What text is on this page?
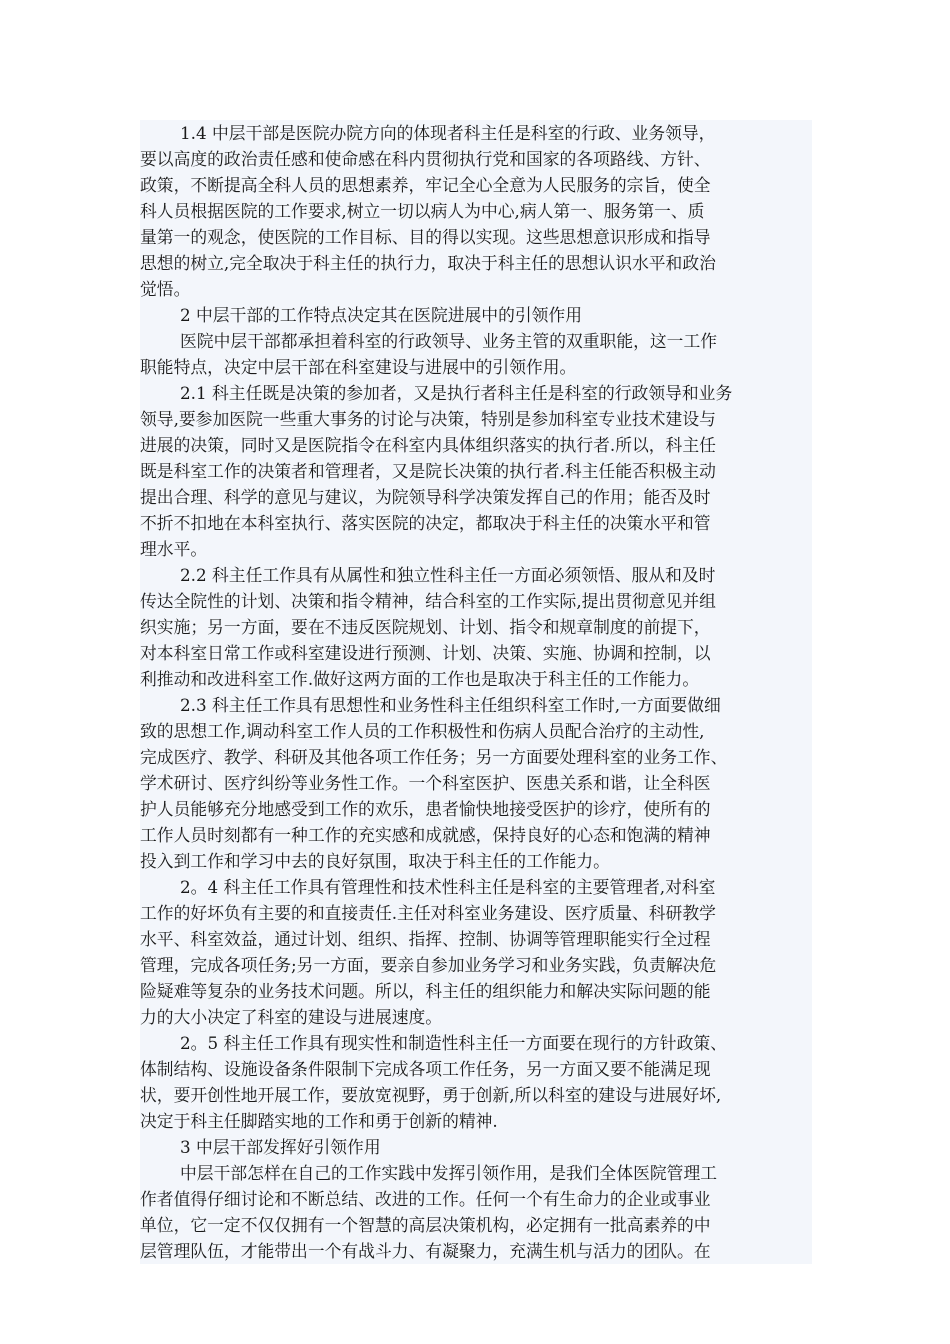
1.4 中层干部是医院办院方向的体现者科主任是科室的行政、业务领导，
要以高度的政治责任感和使命感在科内贯彻执行党和国家的各项路线、方针、
政策，不断提高全科人员的思想素养，牢记全心全意为人民服务的宗旨，使全
科人员根据医院的工作要求,树立一切以病人为中心,病人第一、服务第一、质
量第一的观念，使医院的工作目标、目的得以实现。这些思想意识形成和指导
思想的树立,完全取决于科主任的执行力，取决于科主任的思想认识水平和政治
觉悟。
2 中层干部的工作特点决定其在医院进展中的引领作用
医院中层干部都承担着科室的行政领导、业务主管的双重职能，这一工作
职能特点，决定中层干部在科室建设与进展中的引领作用。
2.1 科主任既是决策的参加者，又是执行者科主任是科室的行政领导和业务
领导,要参加医院一些重大事务的讨论与决策，特别是参加科室专业技术建设与
进展的决策，同时又是医院指令在科室内具体组织落实的执行者.所以，科主任
既是科室工作的决策者和管理者，又是院长决策的执行者.科主任能否积极主动
提出合理、科学的意见与建议，为院领导科学决策发挥自己的作用；能否及时
不折不扣地在本科室执行、落实医院的决定，都取决于科主任的决策水平和管
理水平。
2.2 科主任工作具有从属性和独立性科主任一方面必须领悟、服从和及时
传达全院性的计划、决策和指令精神，结合科室的工作实际,提出贯彻意见并组
织实施；另一方面，要在不违反医院规划、计划、指令和规章制度的前提下，
对本科室日常工作或科室建设进行预测、计划、决策、实施、协调和控制，以
利推动和改进科室工作.做好这两方面的工作也是取决于科主任的工作能力。
2.3 科主任工作具有思想性和业务性科主任组织科室工作时,一方面要做细
致的思想工作,调动科室工作人员的工作积极性和伤病人员配合治疗的主动性,
完成医疗、教学、科研及其他各项工作任务；另一方面要处理科室的业务工作、
学术研讨、医疗纠纷等业务性工作。一个科室医护、医患关系和谐，让全科医
护人员能够充分地感受到工作的欢乐，患者愉快地接受医护的诊疗，使所有的
工作人员时刻都有一种工作的充实感和成就感，保持良好的心态和饱满的精神
投入到工作和学习中去的良好氛围，取决于科主任的工作能力。
2。4 科主任工作具有管理性和技术性科主任是科室的主要管理者,对科室
工作的好坏负有主要的和直接责任.主任对科室业务建设、医疗质量、科研教学
水平、科室效益，通过计划、组织、指挥、控制、协调等管理职能实行全过程
管理，完成各项任务;另一方面，要亲自参加业务学习和业务实践，负责解决危
险疑难等复杂的业务技术问题。所以，科主任的组织能力和解决实际问题的能
力的大小决定了科室的建设与进展速度。
2。5 科主任工作具有现实性和制造性科主任一方面要在现行的方针政策、
体制结构、设施设备条件限制下完成各项工作任务，另一方面又要不能满足现
状，要开创性地开展工作，要放宽视野，勇于创新,所以科室的建设与进展好坏,
决定于科主任脚踏实地的工作和勇于创新的精神.
3 中层干部发挥好引领作用
中层干部怎样在自己的工作实践中发挥引领作用，是我们全体医院管理工
作者值得仔细讨论和不断总结、改进的工作。任何一个有生命力的企业或事业
单位，它一定不仅仅拥有一个智慧的高层决策机构，必定拥有一批高素养的中
层管理队伍，才能带出一个有战斗力、有凝聚力，充满生机与活力的团队。在
